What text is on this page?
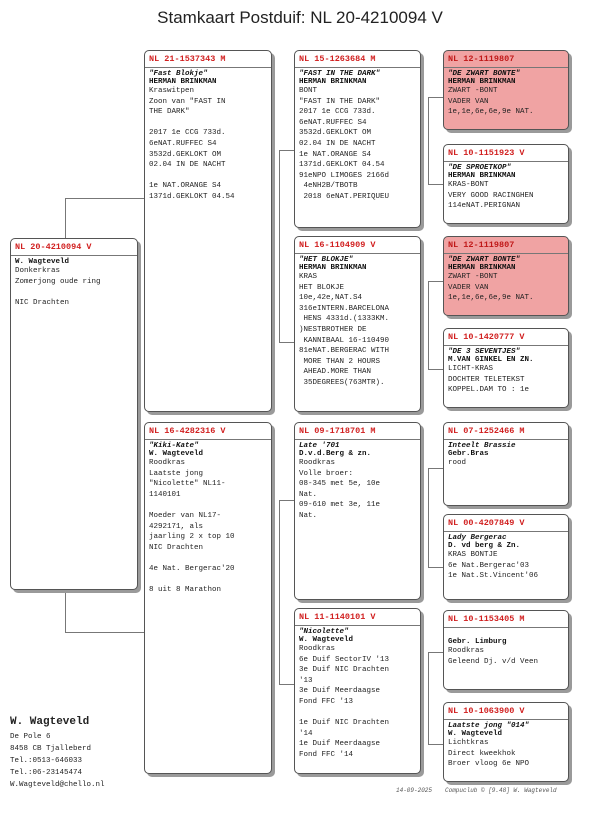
Stamkaart Postduif: NL 20-4210094 V
NL 20-4210094 V
W. Wagteveld
Donkerkras
Zomerjong oude ring

NIC Drachten
NL 21-1537343 M
"Fast Blokje"
HERMAN BRINKMAN
Kraswitpen
Zoon van "FAST IN
THE DARK"

2017 1e CCG 733d.
6eNAT.RUFFEC S4
3532d.GEKLOKT OM
02.04 IN DE NACHT

1e NAT.ORANGE S4
1371d.GEKLOKT 04.54
NL 16-4282316 V
"Kiki-Kate"
W. Wagteveld
Roodkras
Laatste jong
"Nicolette" NL11-
1140101

Moeder van NL17-
4292171, als
jaarling 2 x top 10
NIC Drachten

4e Nat. Bergerac'20

8 uit 8 Marathon
NL 15-1263684 M
"FAST IN THE DARK"
HERMAN BRINKMAN
BONT
"FAST IN THE DARK"
2017 1e CCG 733d.
6eNAT.RUFFEC S4
3532d.GEKLOKT OM
02.04 IN DE NACHT
1e NAT.ORANGE S4
1371d.GEKLOKT 04.54
91eNPO LIMOGES 2166d
4eNH2B/TBOTB
2018 6eNAT.PERIQUEU
NL 16-1104909 V
"HET BLOKJE"
HERMAN BRINKMAN
KRAS
HET BLOKJE
10e,42e,NAT.S4
316eINTERN.BARCELONA
HENS 4331d.(1333KM.
)NESTBROTHER DE
KANNIBAAL 16-110490
81eNAT.BERGERAC WITH
MORE THAN 2 HOURS
AHEAD.MORE THAN
35DEGREES(763MTR).
NL 09-1718701 M
Late '701
D.v.d.Berg & zn.
Roodkras
Volle broer:
08-345 met 5e, 10e
Nat.
09-610 met 3e, 11e
Nat.
NL 11-1140101 V
"Nicolette"
W. Wagteveld
Roodkras
6e Duif SectorIV '13
3e Duif NIC Drachten
'13
3e Duif Meerdaagse
Fond FFC '13

1e Duif NIC Drachten
'14
1e Duif Meerdaagse
Fond FFC '14
NL 12-1119807
"DE ZWART BONTE"
HERMAN BRINKMAN
ZWART -BONT
VADER VAN
1e,1e,6e,6e,9e NAT.
NL 10-1151923 V
"DE SPROETKOP"
HERMAN BRINKMAN
KRAS-BONT
VERY GOOD RACINGHEN
114eNAT.PERIGNAN
NL 12-1119807
"DE ZWART BONTE"
HERMAN BRINKMAN
ZWART -BONT
VADER VAN
1e,1e,6e,6e,9e NAT.
NL 10-1420777 V
"DE 3 SEVENTJES"
M.VAN GINKEL EN ZN.
LICHT-KRAS
DOCHTER TELETEKST
KOPPEL.DAM TO : 1e
NL 07-1252466 M
Inteelt Brassie
Gebr.Bras
rood
NL 00-4207849 V
Lady Bergerac
D. vd berg & Zn.
KRAS BONTJE
6e Nat.Bergerac'03
1e Nat.St.Vincent'06
NL 10-1153405 M
Gebr. Limburg
Roodkras
Geleend Dj. v/d Veen
NL 10-1063900 V
Laatste jong "014"
W. Wagteveld
Lichtkras
Direct kweekhok
Broer vloog 6e NPO
W. Wagteveld
De Pole 6
8458 CB Tjalleberd
Tel.:0513-646033
Tel.:06-23145474
W.Wagteveld@chello.nl
14-09-2025 Compuclub © [9.48] W. Wagteveld
